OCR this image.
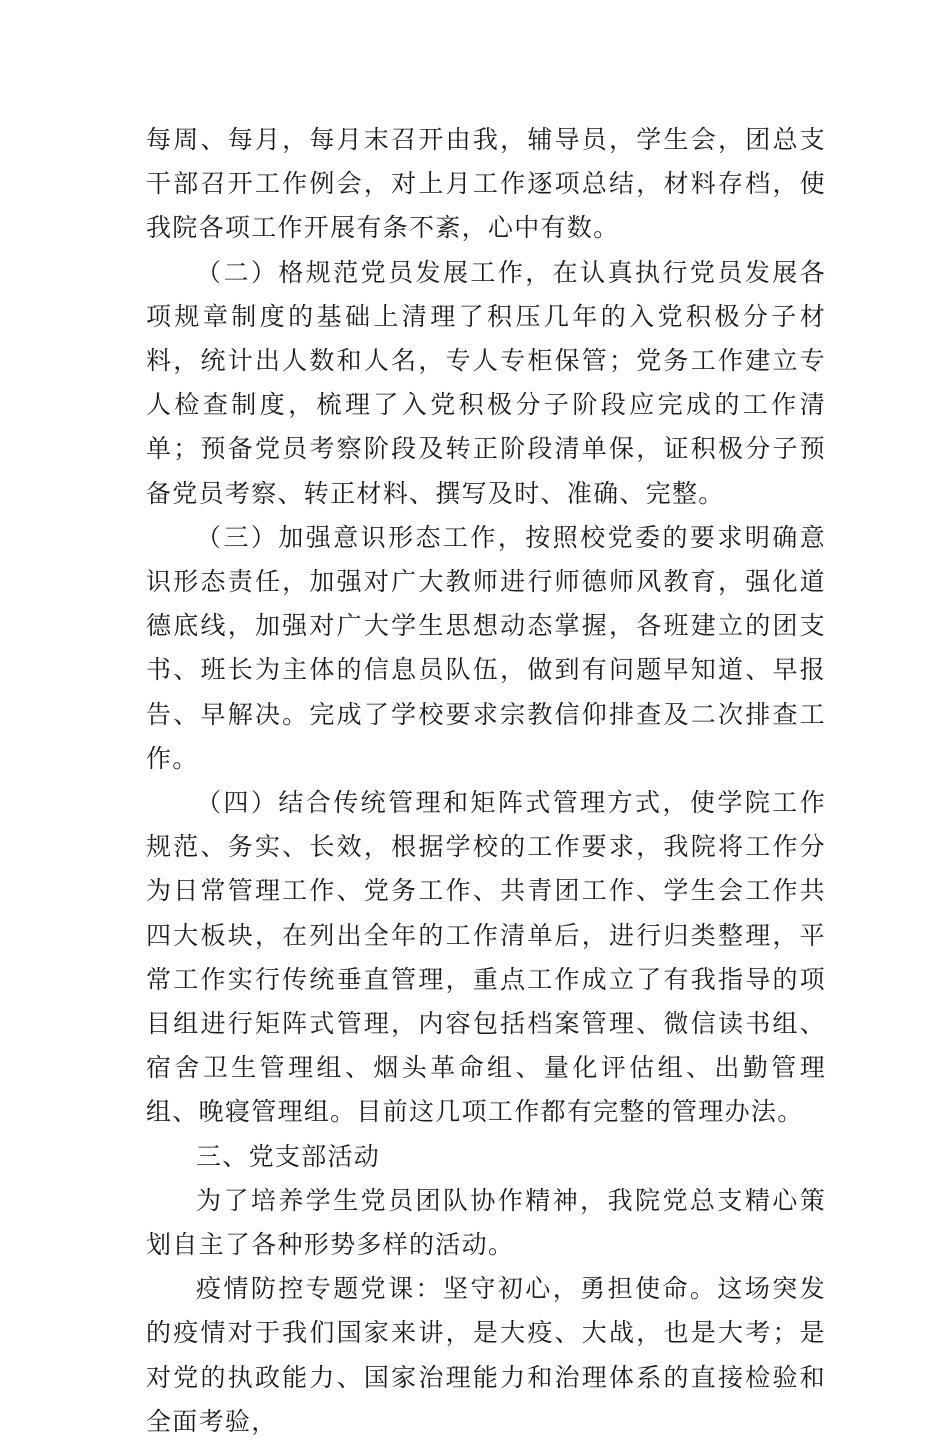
每周、每月，每月末召开由我，辅导员，学生会，团总支干部召开工作例会，对上月工作逐项总结，材料存档，使我院各项工作开展有条不紊，心中有数。

（二）格规范党员发展工作，在认真执行党员发展各项规章制度的基础上清理了积压几年的入党积极分子材料，统计出人数和人名，专人专柜保管；党务工作建立专人检查制度，梳理了入党积极分子阶段应完成的工作清单；预备党员考察阶段及转正阶段清单保，证积极分子预备党员考察、转正材料、撰写及时、准确、完整。

（三）加强意识形态工作，按照校党委的要求明确意识形态责任，加强对广大教师进行师德师风教育，强化道德底线，加强对广大学生思想动态掌握，各班建立的团支书、班长为主体的信息员队伍，做到有问题早知道、早报告、早解决。完成了学校要求宗教信仰排查及二次排查工作。

（四）结合传统管理和矩阵式管理方式，使学院工作规范、务实、长效，根据学校的工作要求，我院将工作分为日常管理工作、党务工作、共青团工作、学生会工作共四大板块，在列出全年的工作清单后，进行归类整理，平常工作实行传统垂直管理，重点工作成立了有我指导的项目组进行矩阵式管理，内容包括档案管理、微信读书组、宿舍卫生管理组、烟头革命组、量化评估组、出勤管理组、晚寝管理组。目前这几项工作都有完整的管理办法。

三、党支部活动

为了培养学生党员团队协作精神，我院党总支精心策划自主了各种形势多样的活动。

疫情防控专题党课：坚守初心，勇担使命。这场突发的疫情对于我们国家来讲，是大疫、大战，也是大考；是对党的执政能力、国家治理能力和治理体系的直接检验和全面考验，
